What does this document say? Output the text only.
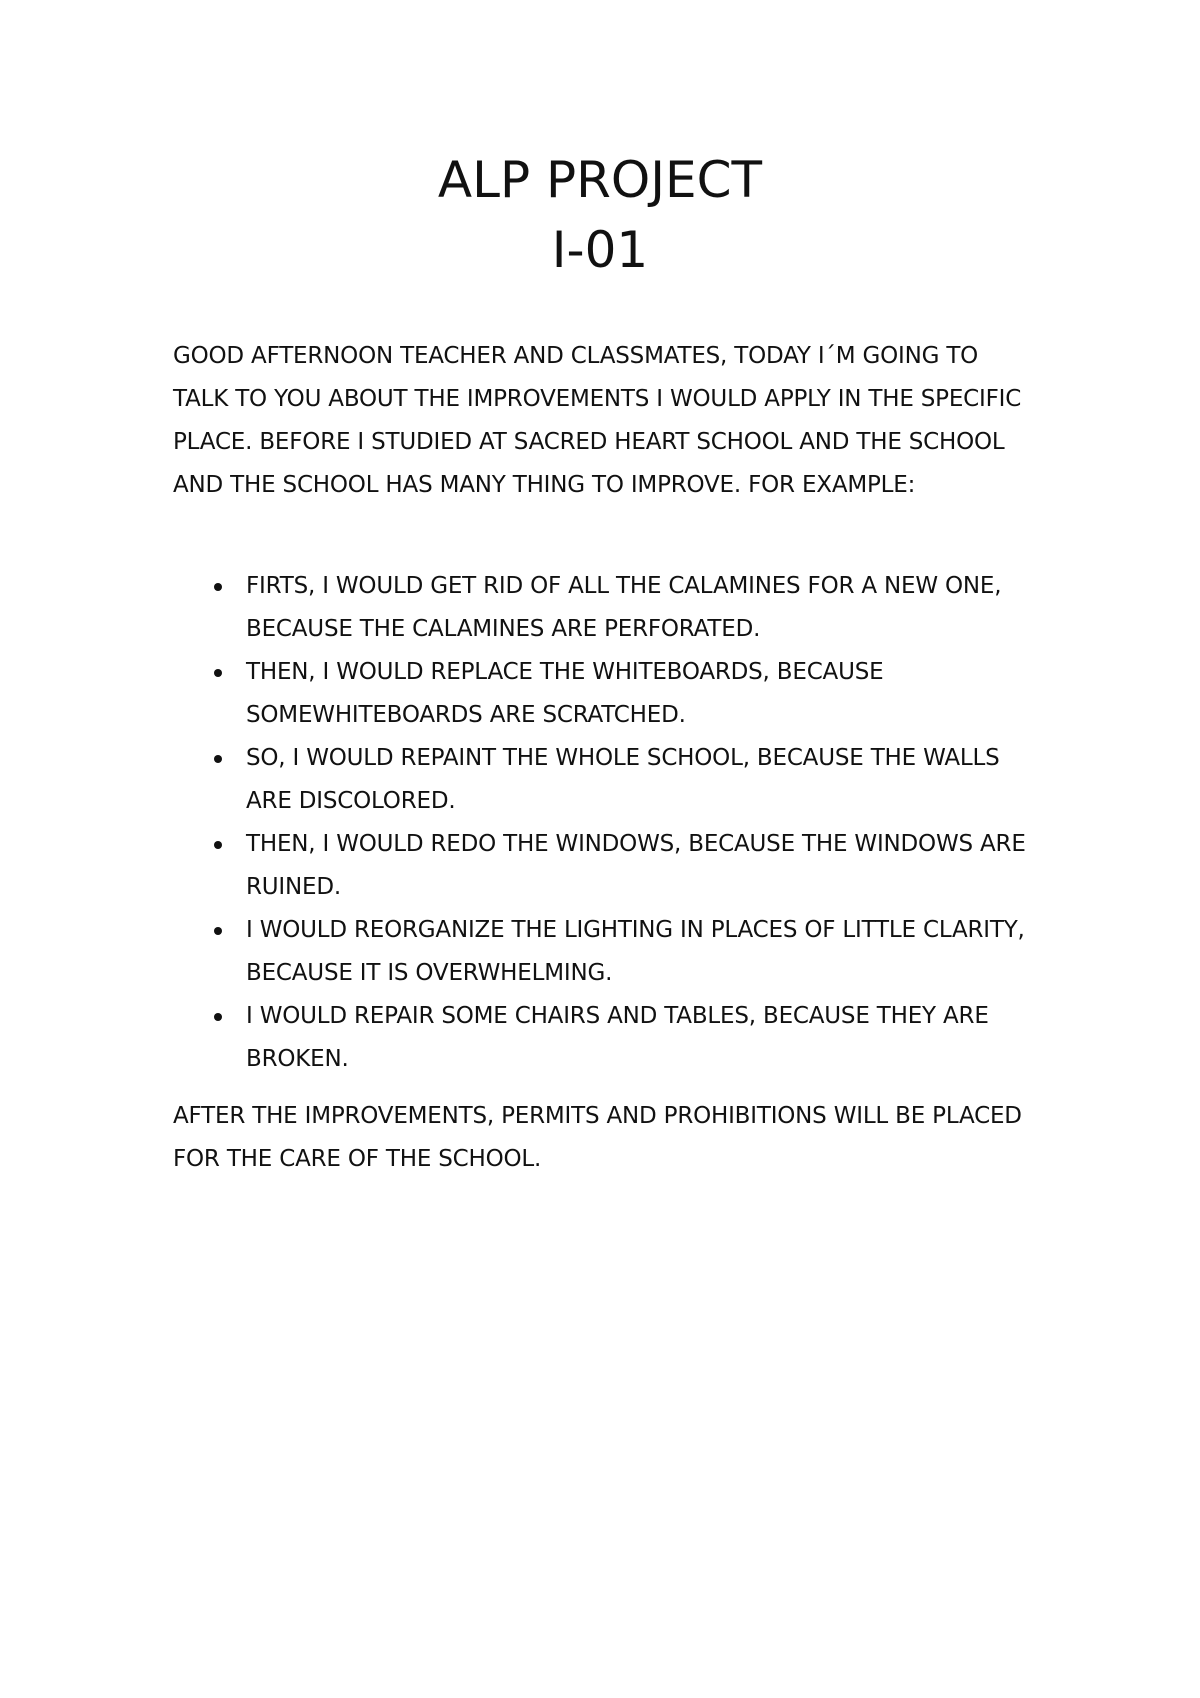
ALP PROJECT
I-01

GOOD AFTERNOON TEACHER AND CLASSMATES, TODAY I´M GOING TO TALK TO YOU ABOUT THE IMPROVEMENTS I WOULD APPLY IN THE SPECIFIC PLACE. BEFORE I STUDIED AT SACRED HEART SCHOOL AND THE SCHOOL AND THE SCHOOL HAS MANY THING TO IMPROVE. FOR EXAMPLE:

FIRTS, I WOULD GET RID OF ALL THE CALAMINES FOR A NEW ONE, BECAUSE THE CALAMINES ARE PERFORATED.
THEN, I WOULD REPLACE THE WHITEBOARDS, BECAUSE SOMEWHITEBOARDS ARE SCRATCHED.
SO, I WOULD REPAINT THE WHOLE SCHOOL, BECAUSE THE WALLS ARE DISCOLORED.
THEN, I WOULD REDO THE WINDOWS, BECAUSE THE WINDOWS ARE RUINED.
I WOULD REORGANIZE THE LIGHTING IN PLACES OF LITTLE CLARITY, BECAUSE IT IS OVERWHELMING.
I WOULD REPAIR SOME CHAIRS AND TABLES, BECAUSE THEY ARE BROKEN.

AFTER THE IMPROVEMENTS, PERMITS AND PROHIBITIONS WILL BE PLACED FOR THE CARE OF THE SCHOOL.
